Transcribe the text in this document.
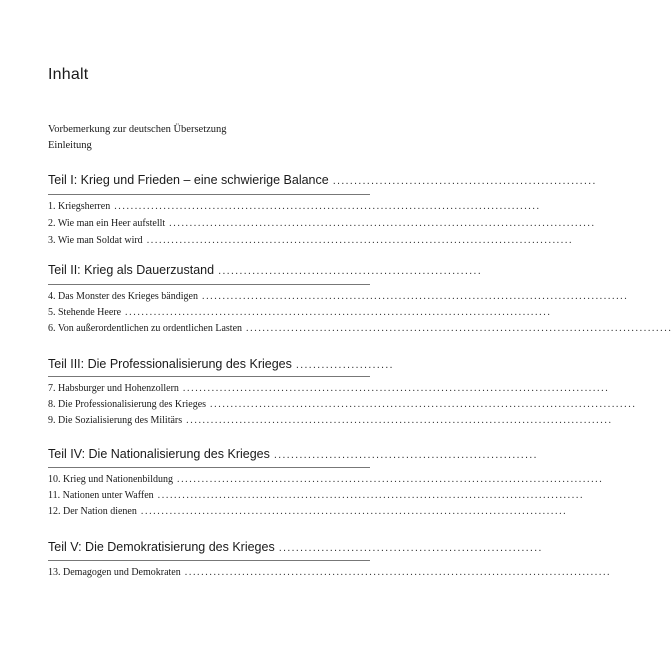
Inhalt
Vorbemerkung zur deutschen Übersetzung
Einleitung
Teil I: Krieg und Frieden – eine schwierige Balance ..............................................................
1. Kriegsherren ........................................................................................................
2. Wie man ein Heer aufstellt ........................................................................................................
3. Wie man Soldat wird ........................................................................................................
Teil II: Krieg als Dauerzustand ..............................................................
4. Das Monster des Krieges bändigen ........................................................................................................
5. Stehende Heere ........................................................................................................
6. Von außerordentlichen zu ordentlichen Lasten ........................................................................................................
Teil III: Die Professionalisierung des Krieges .......................
7. Habsburger und Hohenzollern ........................................................................................................
8. Die Professionalisierung des Krieges ........................................................................................................
9. Die Sozialisierung des Militärs ........................................................................................................
Teil IV: Die Nationalisierung des Krieges ..............................................................
10. Krieg und Nationenbildung ........................................................................................................
11. Nationen unter Waffen ........................................................................................................
12. Der Nation dienen ........................................................................................................
Teil V: Die Demokratisierung des Krieges ..............................................................
13. Demagogen und Demokraten ........................................................................................................
